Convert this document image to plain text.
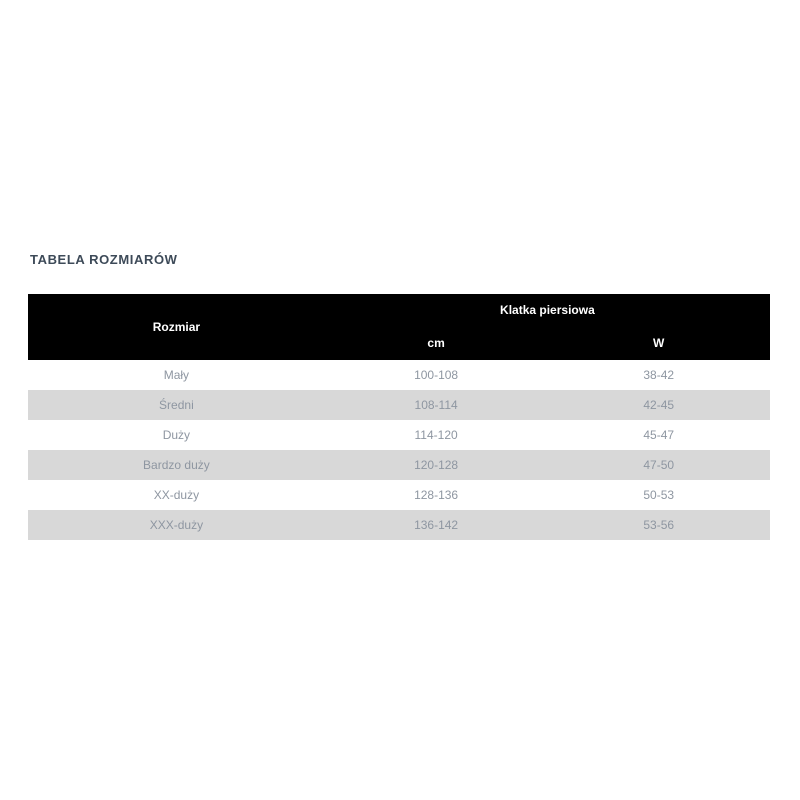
TABELA ROZMIARÓW
Rozmiar	Klatka piersiowa	
	cm	W
Mały	100-108	38-42
Średni	108-114	42-45
Duży	114-120	45-47
Bardzo duży	120-128	47-50
XX-duży	128-136	50-53
XXX-duży	136-142	53-56
